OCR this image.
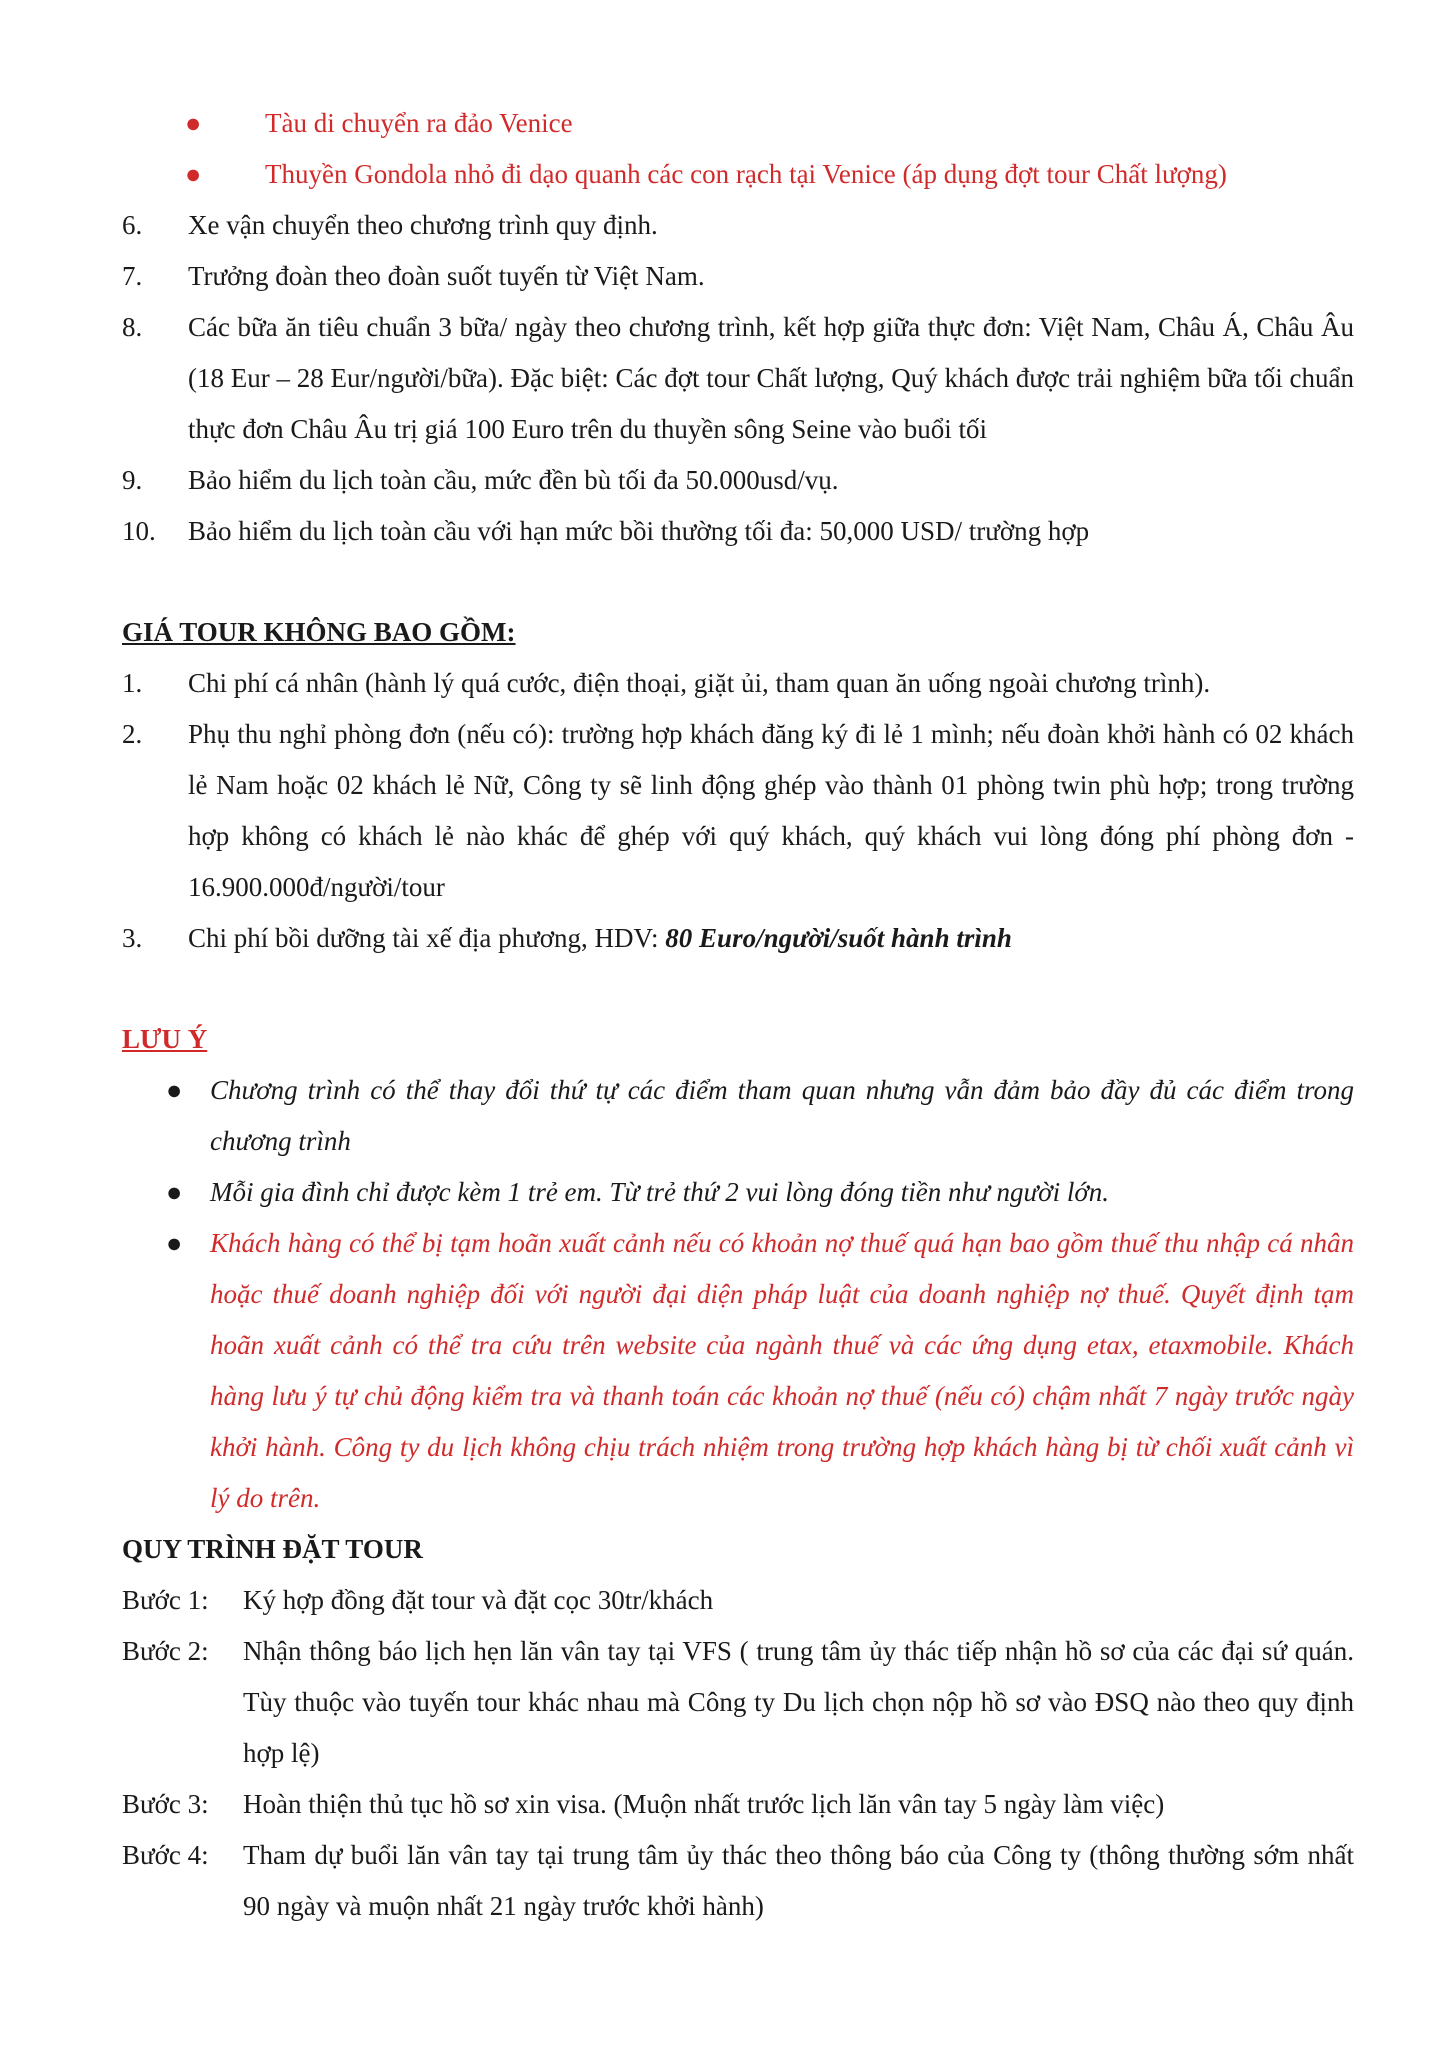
●	Tàu di chuyển ra đảo Venice
●	Thuyền Gondola nhỏ đi dạo quanh các con rạch tại Venice (áp dụng đợt tour Chất lượng)
6.	Xe vận chuyển theo chương trình quy định.
7.	Trưởng đoàn theo đoàn suốt tuyến từ Việt Nam.
8.	Các bữa ăn tiêu chuẩn 3 bữa/ ngày theo chương trình, kết hợp giữa thực đơn: Việt Nam, Châu Á, Châu Âu (18 Eur – 28 Eur/người/bữa). Đặc biệt: Các đợt tour Chất lượng, Quý khách được trải nghiệm bữa tối chuẩn thực đơn Châu Âu trị giá 100 Euro trên du thuyền sông Seine vào buổi tối
9.	Bảo hiểm du lịch toàn cầu, mức đền bù tối đa 50.000usd/vụ.
10.	Bảo hiểm du lịch toàn cầu với hạn mức bồi thường tối đa: 50,000 USD/ trường hợp
GIÁ TOUR KHÔNG BAO GỒM:
1.	Chi phí cá nhân (hành lý quá cước, điện thoại, giặt ủi, tham quan ăn uống ngoài chương trình).
2.	Phụ thu nghỉ phòng đơn (nếu có): trường hợp khách đăng ký đi lẻ 1 mình; nếu đoàn khởi hành có 02 khách lẻ Nam hoặc 02 khách lẻ Nữ, Công ty sẽ linh động ghép vào thành 01 phòng twin phù hợp; trong trường hợp không có khách lẻ nào khác để ghép với quý khách, quý khách vui lòng đóng phí phòng đơn - 16.900.000đ/người/tour
3.	Chi phí bồi dưỡng tài xế địa phương, HDV: 80 Euro/người/suốt hành trình
LƯU Ý
●	Chương trình có thể thay đổi thứ tự các điểm tham quan nhưng vẫn đảm bảo đầy đủ các điểm trong chương trình
●	Mỗi gia đình chỉ được kèm 1 trẻ em. Từ trẻ thứ 2 vui lòng đóng tiền như người lớn.
●	Khách hàng có thể bị tạm hoãn xuất cảnh nếu có khoản nợ thuế quá hạn bao gồm thuế thu nhập cá nhân hoặc thuế doanh nghiệp đối với người đại diện pháp luật của doanh nghiệp nợ thuế. Quyết định tạm hoãn xuất cảnh có thể tra cứu trên website của ngành thuế và các ứng dụng etax, etaxmobile. Khách hàng lưu ý tự chủ động kiểm tra và thanh toán các khoản nợ thuế (nếu có) chậm nhất 7 ngày trước ngày khởi hành. Công ty du lịch không chịu trách nhiệm trong trường hợp khách hàng bị từ chối xuất cảnh vì lý do trên.
QUY TRÌNH ĐẶT TOUR
Bước 1:	Ký hợp đồng đặt tour và đặt cọc 30tr/khách
Bước 2:	Nhận thông báo lịch hẹn lăn vân tay tại VFS ( trung tâm ủy thác tiếp nhận hồ sơ của các đại sứ quán. Tùy thuộc vào tuyến tour khác nhau mà Công ty Du lịch chọn nộp hồ sơ vào ĐSQ nào theo quy định hợp lệ)
Bước 3:	Hoàn thiện thủ tục hồ sơ xin visa. (Muộn nhất trước lịch lăn vân tay 5 ngày làm việc)
Bước 4:	Tham dự buổi lăn vân tay tại trung tâm ủy thác theo thông báo của Công ty (thông thường sớm nhất 90 ngày và muộn nhất 21 ngày trước khởi hành)
